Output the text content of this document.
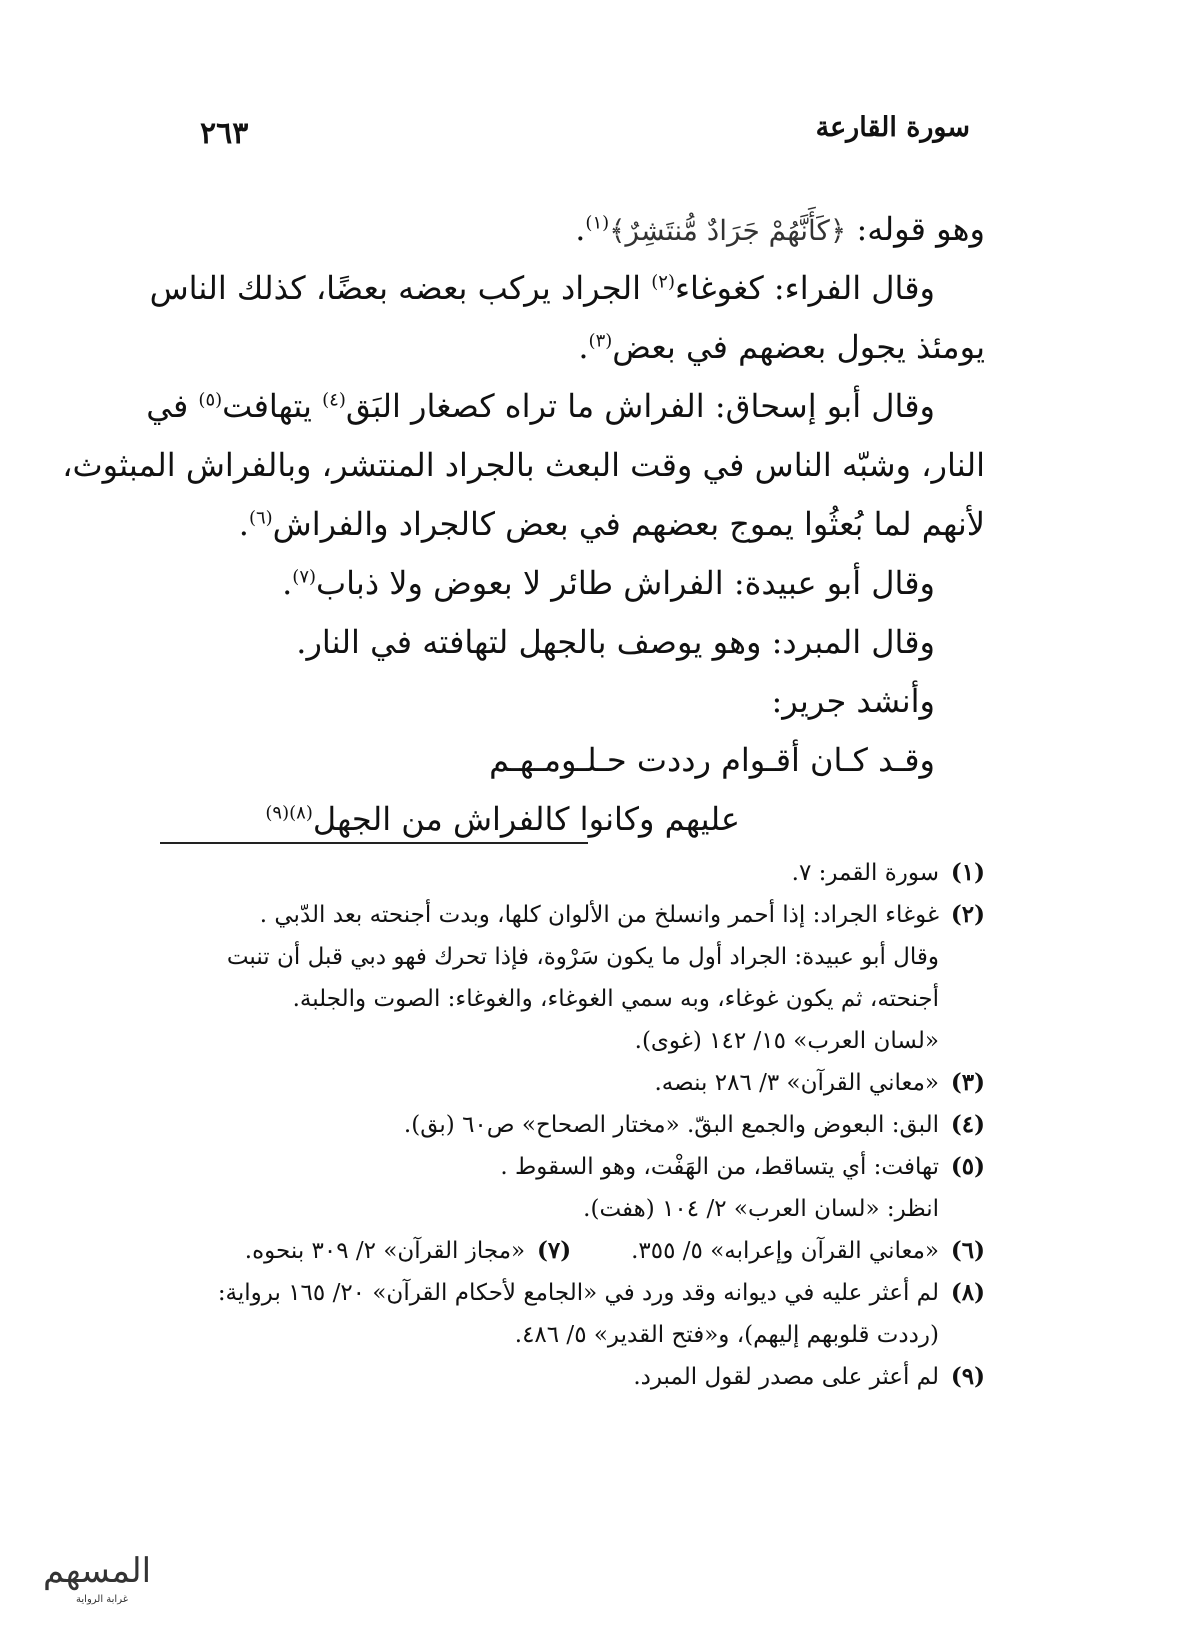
سورة القارعة
٢٦٣
وهو قوله: ﴿كَأَنَّهُمْ جَرَادٌ مُّنتَشِرٌ﴾$^{(١)}$.
وقال الفراء: كغوغاء$^{(٢)}$ الجراد يركب بعضه بعضًا، كذلك الناس
يومئذ يجول بعضهم في بعض$^{(٣)}$.
وقال أبو إسحاق: الفراش ما تراه كصغار البَق$^{(٤)}$ يتهافت$^{(٥)}$ في
النار، وشبّه الناس في وقت البعث بالجراد المنتشر، وبالفراش المبثوث،
لأنهم لما بُعثُوا يموج بعضهم في بعض كالجراد والفراش$^{(٦)}$.
وقال أبو عبيدة: الفراش طائر لا بعوض ولا ذباب$^{(٧)}$.
وقال المبرد: وهو يوصف بالجهل لتهافته في النار.
وأنشد جرير:
وقـد كـان أقـوام رددت حـلـومـهـم
عليهم وكانوا كالفراش من الجهل$^{(٨)(٩)}$
(١)سورة القمر: ٧.
(٢)غوغاء الجراد: إذا أحمر وانسلخ من الألوان كلها، وبدت أجنحته بعد الدّبي .
وقال أبو عبيدة: الجراد أول ما يكون سَرْوة، فإذا تحرك فهو دبي قبل أن تنبت
أجنحته، ثم يكون غوغاء، وبه سمي الغوغاء، والغوغاء: الصوت والجلبة.
«لسان العرب» ١٥/ ١٤٢ (غوى).
(٣)«معاني القرآن» ٣/ ٢٨٦ بنصه.
(٤)البق: البعوض والجمع البقّ. «مختار الصحاح» ص٦٠ (بق).
(٥)تهافت: أي يتساقط، من الهَفْت، وهو السقوط .
انظر: «لسان العرب» ٢/ ١٠٤ (هفت).
(٦)«معاني القرآن وإعرابه» ٥/ ٣٥٥.(٧)«مجاز القرآن» ٢/ ٣٠٩ بنحوه.
(٨)لم أعثر عليه في ديوانه وقد ورد في «الجامع لأحكام القرآن» ٢٠/ ١٦٥ برواية:
(رددت قلوبهم إليهم)، و«فتح القدير» ٥/ ٤٨٦.
(٩)لم أعثر على مصدر لقول المبرد.
المسهم
غرابة الرواية
